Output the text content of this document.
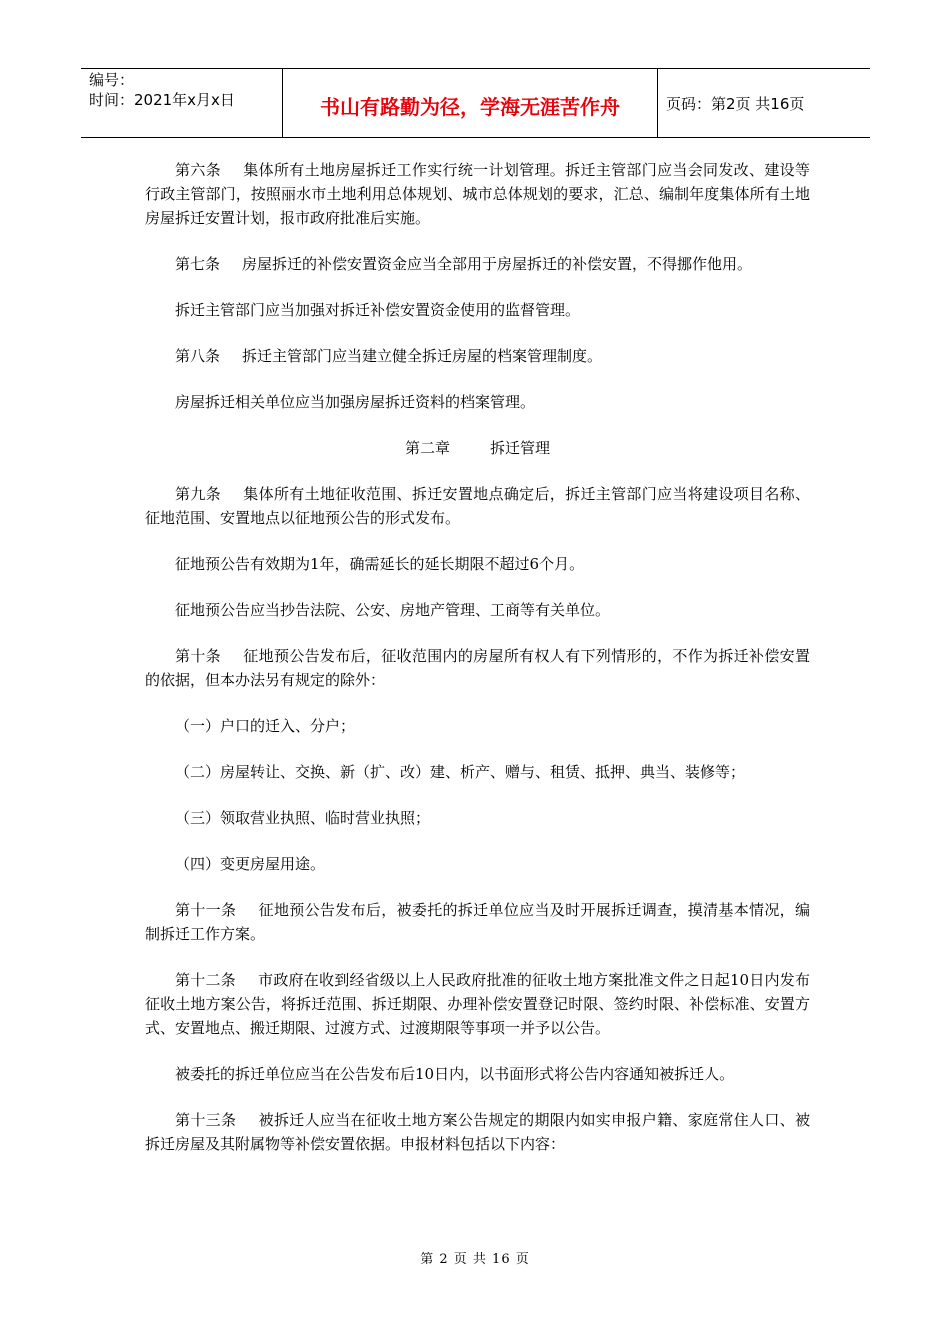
编号：
时间：2021年x月x日	书山有路勤为径，学海无涯苦作舟	页码：第2页 共16页

第六条 集体所有土地房屋拆迁工作实行统一计划管理。拆迁主管部门应当会同发改、建设等行政主管部门，按照丽水市土地利用总体规划、城市总体规划的要求，汇总、编制年度集体所有土地房屋拆迁安置计划，报市政府批准后实施。

第七条 房屋拆迁的补偿安置资金应当全部用于房屋拆迁的补偿安置，不得挪作他用。

拆迁主管部门应当加强对拆迁补偿安置资金使用的监督管理。

第八条 拆迁主管部门应当建立健全拆迁房屋的档案管理制度。

房屋拆迁相关单位应当加强房屋拆迁资料的档案管理。

第二章	拆迁管理

第九条 集体所有土地征收范围、拆迁安置地点确定后，拆迁主管部门应当将建设项目名称、征地范围、安置地点以征地预公告的形式发布。

征地预公告有效期为1年，确需延长的延长期限不超过6个月。

征地预公告应当抄告法院、公安、房地产管理、工商等有关单位。

第十条 征地预公告发布后，征收范围内的房屋所有权人有下列情形的，不作为拆迁补偿安置的依据，但本办法另有规定的除外：

（一）户口的迁入、分户；

（二）房屋转让、交换、新（扩、改）建、析产、赠与、租赁、抵押、典当、装修等；

（三）领取营业执照、临时营业执照；

（四）变更房屋用途。

第十一条 征地预公告发布后，被委托的拆迁单位应当及时开展拆迁调查，摸清基本情况，编制拆迁工作方案。

第十二条 市政府在收到经省级以上人民政府批准的征收土地方案批准文件之日起10日内发布征收土地方案公告，将拆迁范围、拆迁期限、办理补偿安置登记时限、签约时限、补偿标准、安置方式、安置地点、搬迁期限、过渡方式、过渡期限等事项一并予以公告。

被委托的拆迁单位应当在公告发布后10日内，以书面形式将公告内容通知被拆迁人。

第十三条 被拆迁人应当在征收土地方案公告规定的期限内如实申报户籍、家庭常住人口、被拆迁房屋及其附属物等补偿安置依据。申报材料包括以下内容：

第 2 页 共 16 页
